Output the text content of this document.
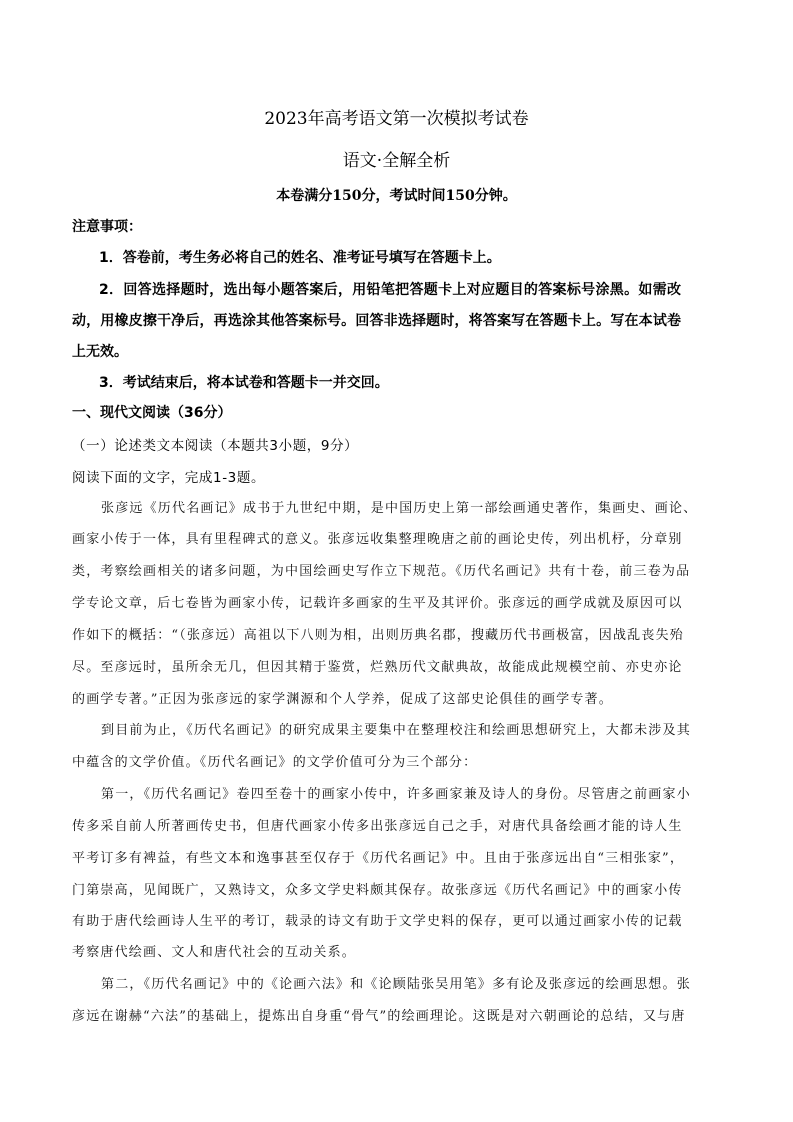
2023年高考语文第一次模拟考试卷
语文·全解全析
本卷满分150分，考试时间150分钟。
注意事项：
1．答卷前，考生务必将自己的姓名、准考证号填写在答题卡上。
2．回答选择题时，选出每小题答案后，用铅笔把答题卡上对应题目的答案标号涂黑。如需改
动，用橡皮擦干净后，再选涂其他答案标号。回答非选择题时，将答案写在答题卡上。写在本试卷
上无效。
3．考试结束后，将本试卷和答题卡一并交回。
一、现代文阅读（36分）
（一）论述类文本阅读（本题共3小题，9分）
阅读下面的文字，完成1-3题。
张彦远《历代名画记》成书于九世纪中期，是中国历史上第一部绘画通史著作，集画史、画论、
画家小传于一体，具有里程碑式的意义。张彦远收集整理晚唐之前的画论史传，列出机杼，分章别
类，考察绘画相关的诸多问题，为中国绘画史写作立下规范。《历代名画记》共有十卷，前三卷为品
学专论文章，后七卷皆为画家小传，记载许多画家的生平及其评价。张彦远的画学成就及原因可以
作如下的概括：“（张彦远）高祖以下八则为相，出则历典名郡，搜藏历代书画极富，因战乱丧失殆
尽。至彦远时，虽所余无几，但因其精于鉴赏，烂熟历代文献典故，故能成此规模空前、亦史亦论
的画学专著。”正因为张彦远的家学渊源和个人学养，促成了这部史论俱佳的画学专著。
到目前为止，《历代名画记》的研究成果主要集中在整理校注和绘画思想研究上，大都未涉及其
中蕴含的文学价值。《历代名画记》的文学价值可分为三个部分：
第一，《历代名画记》卷四至卷十的画家小传中，许多画家兼及诗人的身份。尽管唐之前画家小
传多采自前人所著画传史书，但唐代画家小传多出张彦远自己之手，对唐代具备绘画才能的诗人生
平考订多有裨益，有些文本和逸事甚至仅存于《历代名画记》中。且由于张彦远出自“三相张家”，
门第崇高，见闻既广，又熟诗文，众多文学史料颇其保存。故张彦远《历代名画记》中的画家小传
有助于唐代绘画诗人生平的考订，载录的诗文有助于文学史料的保存，更可以通过画家小传的记载
考察唐代绘画、文人和唐代社会的互动关系。
第二，《历代名画记》中的《论画六法》和《论顾陆张吴用笔》多有论及张彦远的绘画思想。张
彦远在谢赫“六法”的基础上，提炼出自身重“骨气”的绘画理论。这既是对六朝画论的总结，又与唐
